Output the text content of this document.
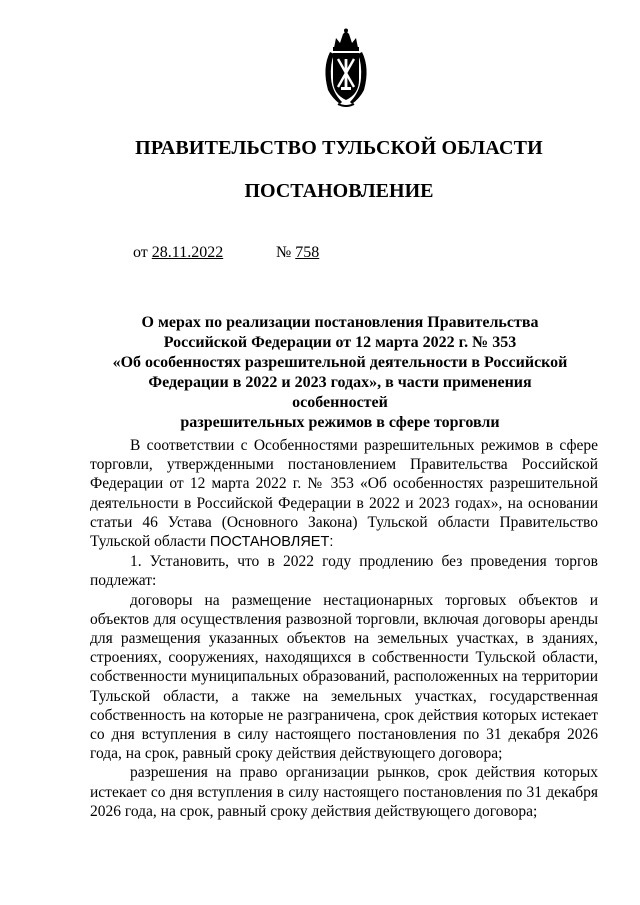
ПРАВИТЕЛЬСТВО ТУЛЬСКОЙ ОБЛАСТИ
ПОСТАНОВЛЕНИЕ
от 28.11.2022	№ 758
О мерах по реализации постановления Правительства
Российской Федерации от 12 марта 2022 г. № 353
«Об особенностях разрешительной деятельности в Российской
Федерации в 2022 и 2023 годах», в части применения особенностей
разрешительных режимов в сфере торговли

В соответствии с Особенностями разрешительных режимов в сфере торговли, утвержденными постановлением Правительства Российской Федерации от 12 марта 2022 г. № 353 «Об особенностях разрешительной деятельности в Российской Федерации в 2022 и 2023 годах», на основании статьи 46 Устава (Основного Закона) Тульской области Правительство Тульской области ПОСТАНОВЛЯЕТ:

1. Установить, что в 2022 году продлению без проведения торгов подлежат:

договоры на размещение нестационарных торговых объектов и объектов для осуществления развозной торговли, включая договоры аренды для размещения указанных объектов на земельных участках, в зданиях, строениях, сооружениях, находящихся в собственности Тульской области, собственности муниципальных образований, расположенных на территории Тульской области, а также на земельных участках, государственная собственность на которые не разграничена, срок действия которых истекает со дня вступления в силу настоящего постановления по 31 декабря 2026 года, на срок, равный сроку действия действующего договора;

разрешения на право организации рынков, срок действия которых истекает со дня вступления в силу настоящего постановления по 31 декабря 2026 года, на срок, равный сроку действия действующего договора;
